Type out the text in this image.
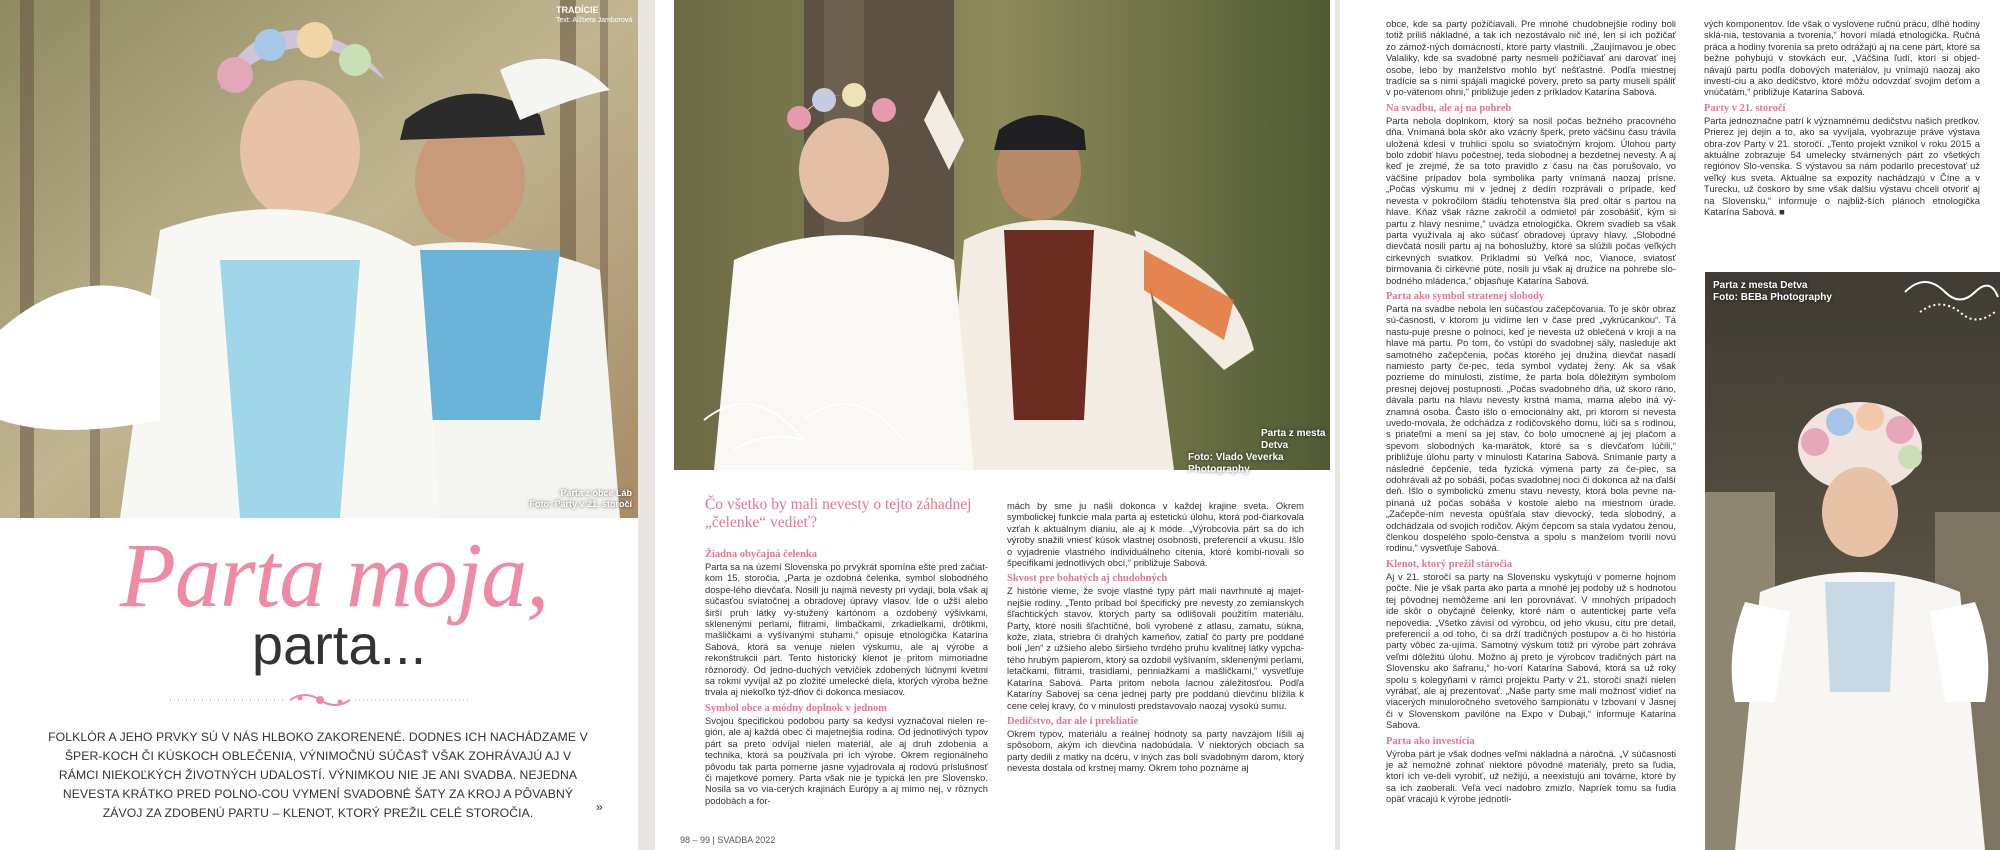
TRADÍCIE
Text: Alžbeta Jamborová
Parta z obce Láb
Foto: Party v 21. storočí
Parta moja,
parta...
FOLKLÓR A JEHO PRVKY SÚ V NÁS HLBOKO ZAKORENENÉ. DODNES ICH NACHÁDZAME V ŠPER-KOCH ČI KÚSKOCH OBLEČENIA, VÝNIMOČNÚ SÚČASŤ VŠAK ZOHRÁVAJÚ AJ V RÁMCI NIEKOĽKÝCH ŽIVOTNÝCH UDALOSTÍ. VÝNIMKOU NIE JE ANI SVADBA. NEJEDNA NEVESTA KRÁTKO PRED POLNO-COU VYMENÍ SVADOBNÉ ŠATY ZA KROJ A PÔVABNÝ ZÁVOJ ZA ZDOBENÚ PARTU – KLENOT, KTORÝ PREŽIL CELÉ STOROČIA.	»
Parta z mesta Detva
Foto: Vlado Veverka Photography
Čo všetko by mali nevesty o tejto záhadnej „čelenke“ vedieť?
Žiadna obyčajná čelenka
Parta sa na území Slovenska po prvýkrát spomína ešte pred začiat-kom 15. storočia. „Parta je ozdobná čelenka, symbol slobodného dospe-lého dievčaťa. Nosili ju najmä nevesty pri vydaji, bola však aj súčasťou sviatočnej a obradovej úpravy vlasov. Ide o užší alebo širší pruh látky vy-stužený kartónom a ozdobený výšivkami, sklenenými perlami, flitrami, limbačkami, zrkadielkami, drôtikmi, mašličkami a vyšívanými stuhami,“ opisuje etnologička Katarína Sabová, ktorá sa venuje nielen výskumu, ale aj výrobe a rekonštrukcii párt. Tento historický klenot je pritom mimoriadne rôznorodý. Od jedno-duchých vetvičiek zdobených lúčnymi kvetmi sa rokmi vyvíjal až po zložité umelecké diela, ktorých výroba bežne trvala aj niekoľko týž-dňov či dokonca mesiacov.
Symbol obce a módny doplnok v jednom
Svojou špecifickou podobou party sa kedysi vyznačoval nielen re-gión, ale aj každá obec či majetnejšia rodina. Od jednotlivých typov párt sa preto odvíjal nielen materiál, ale aj druh zdobenia a technika, ktorá sa používala pri ich výrobe. Okrem regionálneho pôvodu tak parta pomerne jasne vyjadrovala aj rodovú príslušnosť či majetkové pomery. Parta však nie je typická len pre Slovensko. Nosila sa vo via-cerých krajinách Európy a aj mimo nej, v rôznych podobách a for-
mách by sme ju našli dokonca v každej krajine sveta. Okrem symbolickej funkcie mala parta aj estetickú úlohu, ktorá pod-čiarkovala vzťah k aktuálnym dianiu, ale aj k móde. „Výrobcovia párt sa do ich výroby snažili vniesť kúsok vlastnej osobnosti, preferencií a vkusu. Išlo o vyjadrenie vlastného individuálneho cítenia, ktoré kombi-novali so špecifikami jednotlivých obcí,“ približuje Sabová.
Skvost pre bohatých aj chudobných
Z histórie vieme, že svoje vlastné typy párt mali navrhnuté aj majet-nejšie rodiny. „Tento príbad bol špecifický pre nevesty zo zemianskych šľachtických stavov, ktorých party sa odlišovali použitím materiálu. Party, ktoré nosili šľachtičné, boli vyrobené z atlasu, zamatu, súkna, kože, zlata, striebra či drahých kameňov, zatiaľ čo party pre poddané boli „len“ z užšieho alebo širšieho tvrdého pruhu kvalitnej látky vypcha-tého hrubým papierom, ktorý sa ozdobil vyšívaním, sklenenými perlami, letačkami, flitrami, trasidlami, penniažkami a mašličkami,“ vysvetľuje Katarína Sabová. Parta pritom nebola lacnou záležitosťou. Podľa Kataríny Sabovej sa cena jednej party pre poddanú dievčinu blížila k cene celej kravy, čo v minulosti predstavovalo naozaj vysokú sumu.
Dedičstvo, dar ale i prekliatie
Okrem typov, materiálu a reálnej hodnoty sa party navzájom líšili aj spôsobom, akým ich dievčina nadobúdala. V niektorých obciach sa party dedili z matky na dcéru, v iných zas boli svadobným darom, ktorý nevesta dostala od krstnej mamy. Okrem toho poznáme aj
98 – 99 | SVADBA 2022
obce, kde sa party požičiavali. Pre mnohé chudobnejšie rodiny boli totiž príliš nákladné, a tak ich nezostávalo nič iné, len si ich požičať zo zámož-ných domácností, ktoré party vlastnili. „Zaujímavou je obec Valaliky, kde sa svadobné party nesmeli požičiavať ani darovať inej osobe, lebo by manželstvo mohlo byť nešťastné. Podľa miestnej tradície sa s nimi spájali magické povery, preto sa party museli spáliť v po-vätenom ohni,“ približuje jeden z príkladov Katarína Sabová.
Na svadbu, ale aj na pohreb
Parta nebola doplnkom, ktorý sa nosil počas bežného pracovného dňa. Vnímaná bola skôr ako vzácny šperk, preto väčšinu času trávila uložená kdesi v truhlici spolu so sviatočným krojom. Úlohou party bolo zdobiť hlavu počestnej, teda slobodnej a bezdetnej nevesty. A aj keď je zrejmé, že sa toto pravidlo z času na čas porušovalo, vo väčšine prípadov bola symbolika party vnímaná naozaj prísne. „Počas výskumu mi v jednej z dedín rozprávali o prípade, keď nevesta v pokročilom štádiu tehotenstva šla pred oltár s partou na hlave. Kňaz však rázne zakročil a odmietol pár zosobášiť, kým si partu z hlavy nesnime,“ uvádza etnologička. Okrem svadieb sa však parta využívala aj ako súčasť obradovej úpravy hlavy. „Slobodné dievčatá nosili partu aj na bohoslužby, ktoré sa slúžili počas veľkých cirkevných sviatkov. Príkladmi sú Veľká noc, Vianoce, sviatosť birmovania či cirkevné púte, nosili ju však aj družice na pohrebe slo-bodného mládenca,“ objasňuje Katarína Sabová.
Parta ako symbol stratenej slobody
Parta na svadbe nebola len súčasťou začepčovania. To je skôr obraz sú-časnosti, v ktorom ju vidíme len v čase pred „vykrúcankou“. Tá nastu-puje presne o polnoci, keď je nevesta už oblečená v kroji a na hlave má partu. Po tom, čo vstúpi do svadobnej sály, nasleduje akt samotného začepčenia, počas ktorého jej družina dievčat nasadí namiesto party če-pec, teda symbol vydatej ženy. Ak sa však pozrieme do minulosti, zistíme, že parta bola dôležitým symbolom presnej dejovej postupnosti. „Počas svadobného dňa, už skoro ráno, dávala partu na hlavu nevesty krstná mama, mama alebo iná vý-znamná osoba. Často išlo o emocionálny akt, pri ktorom si nevesta uvedo-movala, že odchádza z rodičovského domu, lúči sa s rodinou, s priateľmi a mení sa jej stav, čo bolo umocnené aj jej plačom a spevom slobodných ka-marátok, ktoré sa s dievčaťom lúčili,“ približuje úlohu party v minulosti Katarína Sabová. Snímanie party a následné čepčenie, teda fyzická výmena party za če-piec, sa odohrávali až po sobáši, počas svadobnej noci či dokonca až na ďalší deň. Išlo o symbolickú zmenu stavu nevesty, ktorá bola pevne na-pínaná už počas sobáša v kostole alebo na miestnom úrade. „Začepče-ním nevesta opúšťala stav dievocký, teda slobodný, a odchádzala od svojich rodičov. Akým čepcom sa stala vydatou ženou, členkou dospelého spolo-čenstva a spolu s manželom tvorili novú rodinu,“ vysvetľuje Sabová.
Klenot, ktorý prežil stáročia
Aj v 21. storočí sa party na Slovensku vyskytujú v pomerne hojnom počte. Nie je však parta ako parta a mnohé jej podoby už s hodnotou tej pôvodnej nemôžeme ani len porovnávať. V mnohých prípadoch ide skôr o obyčajné čelenky, ktoré nám o autentickej parte veľa nepovedia. „Všetko závisí od výrobcu, od jeho vkusu, cítu pre detail, preferencií a od toho, či sa drží tradičných postupov a či ho história party vôbec za-ujíma. Samotný výskum totiž pri výrobe párt zohráva veľmi dôležitú úlohu. Možno aj preto je výrobcov tradičných párt na Slovensku ako šafranu,“ ho-vorí Katarína Sabová, ktorá sa už roky spolu s kolegyňami v rámci projektu Party v 21. storočí snaží nielen vyrábať, ale aj prezentovať. „Naše party sme mali možnosť vidieť na viacerých minuloročného svetového šampionátu v Izbovaní v Jasnej či v Slovenskom pavilóne na Expo v Dubaji,“ informuje Katarína Sabová.
Parta ako investícia
Výroba párt je však dodnes veľmi nákladná a náročná. „V súčasnosti je až nemožné zohnať niektoré pôvodné materiály, preto sa ľudia, ktorí ich ve-deli vyrobiť, už nežijú, a neexistujú ani továrne, ktoré by sa ich zaoberali. Veľa vecí nadobro zmizlo. Napríek tomu sa ľudia opäť vracajú k výrobe jednotli-
vých komponentov. Ide však o vyslovene ručnú prácu, dlhé hodiny sklá-nia, testovania a tvorenia,“ hovorí mladá etnologička. Ručná práca a hodiny tvorenia sa preto odrážajú aj na cene párt, ktoré sa bežne pohybujú v stovkách eur. „Väčšina ľudí, ktorí si objed-návajú partu podľa dobových materiálov, ju vnímajú naozaj ako investí-ciu a ako dedičstvo, ktoré môžu odovzdať svojim deťom a vnúčatám,“ približuje Katarína Sabová.
Party v 21. storočí
Parta jednoznačne patrí k významnému dedičstvu našich predkov. Prierez jej dejin a to, ako sa vyvíjala, vyobrazuje práve výstava obra-zov Party v 21. storočí. „Tento projekt vznikol v roku 2015 a aktuálne zobrazuje 54 umelecky stvárnených párt zo všetkých regiónov Slo-venska. S výstavou sa nám podarilo precestovať už veľký kus sveta. Aktuálne sa expozíty nachádzajú v Číne a v Turecku, už čoskoro by sme však dalšiu výstavu chceli otvoriť aj na Slovensku,“ informuje o najbliž-ších plánoch etnologička Katarína Sabová. ■
Parta z mesta Detva
Foto: BEBa Photography
